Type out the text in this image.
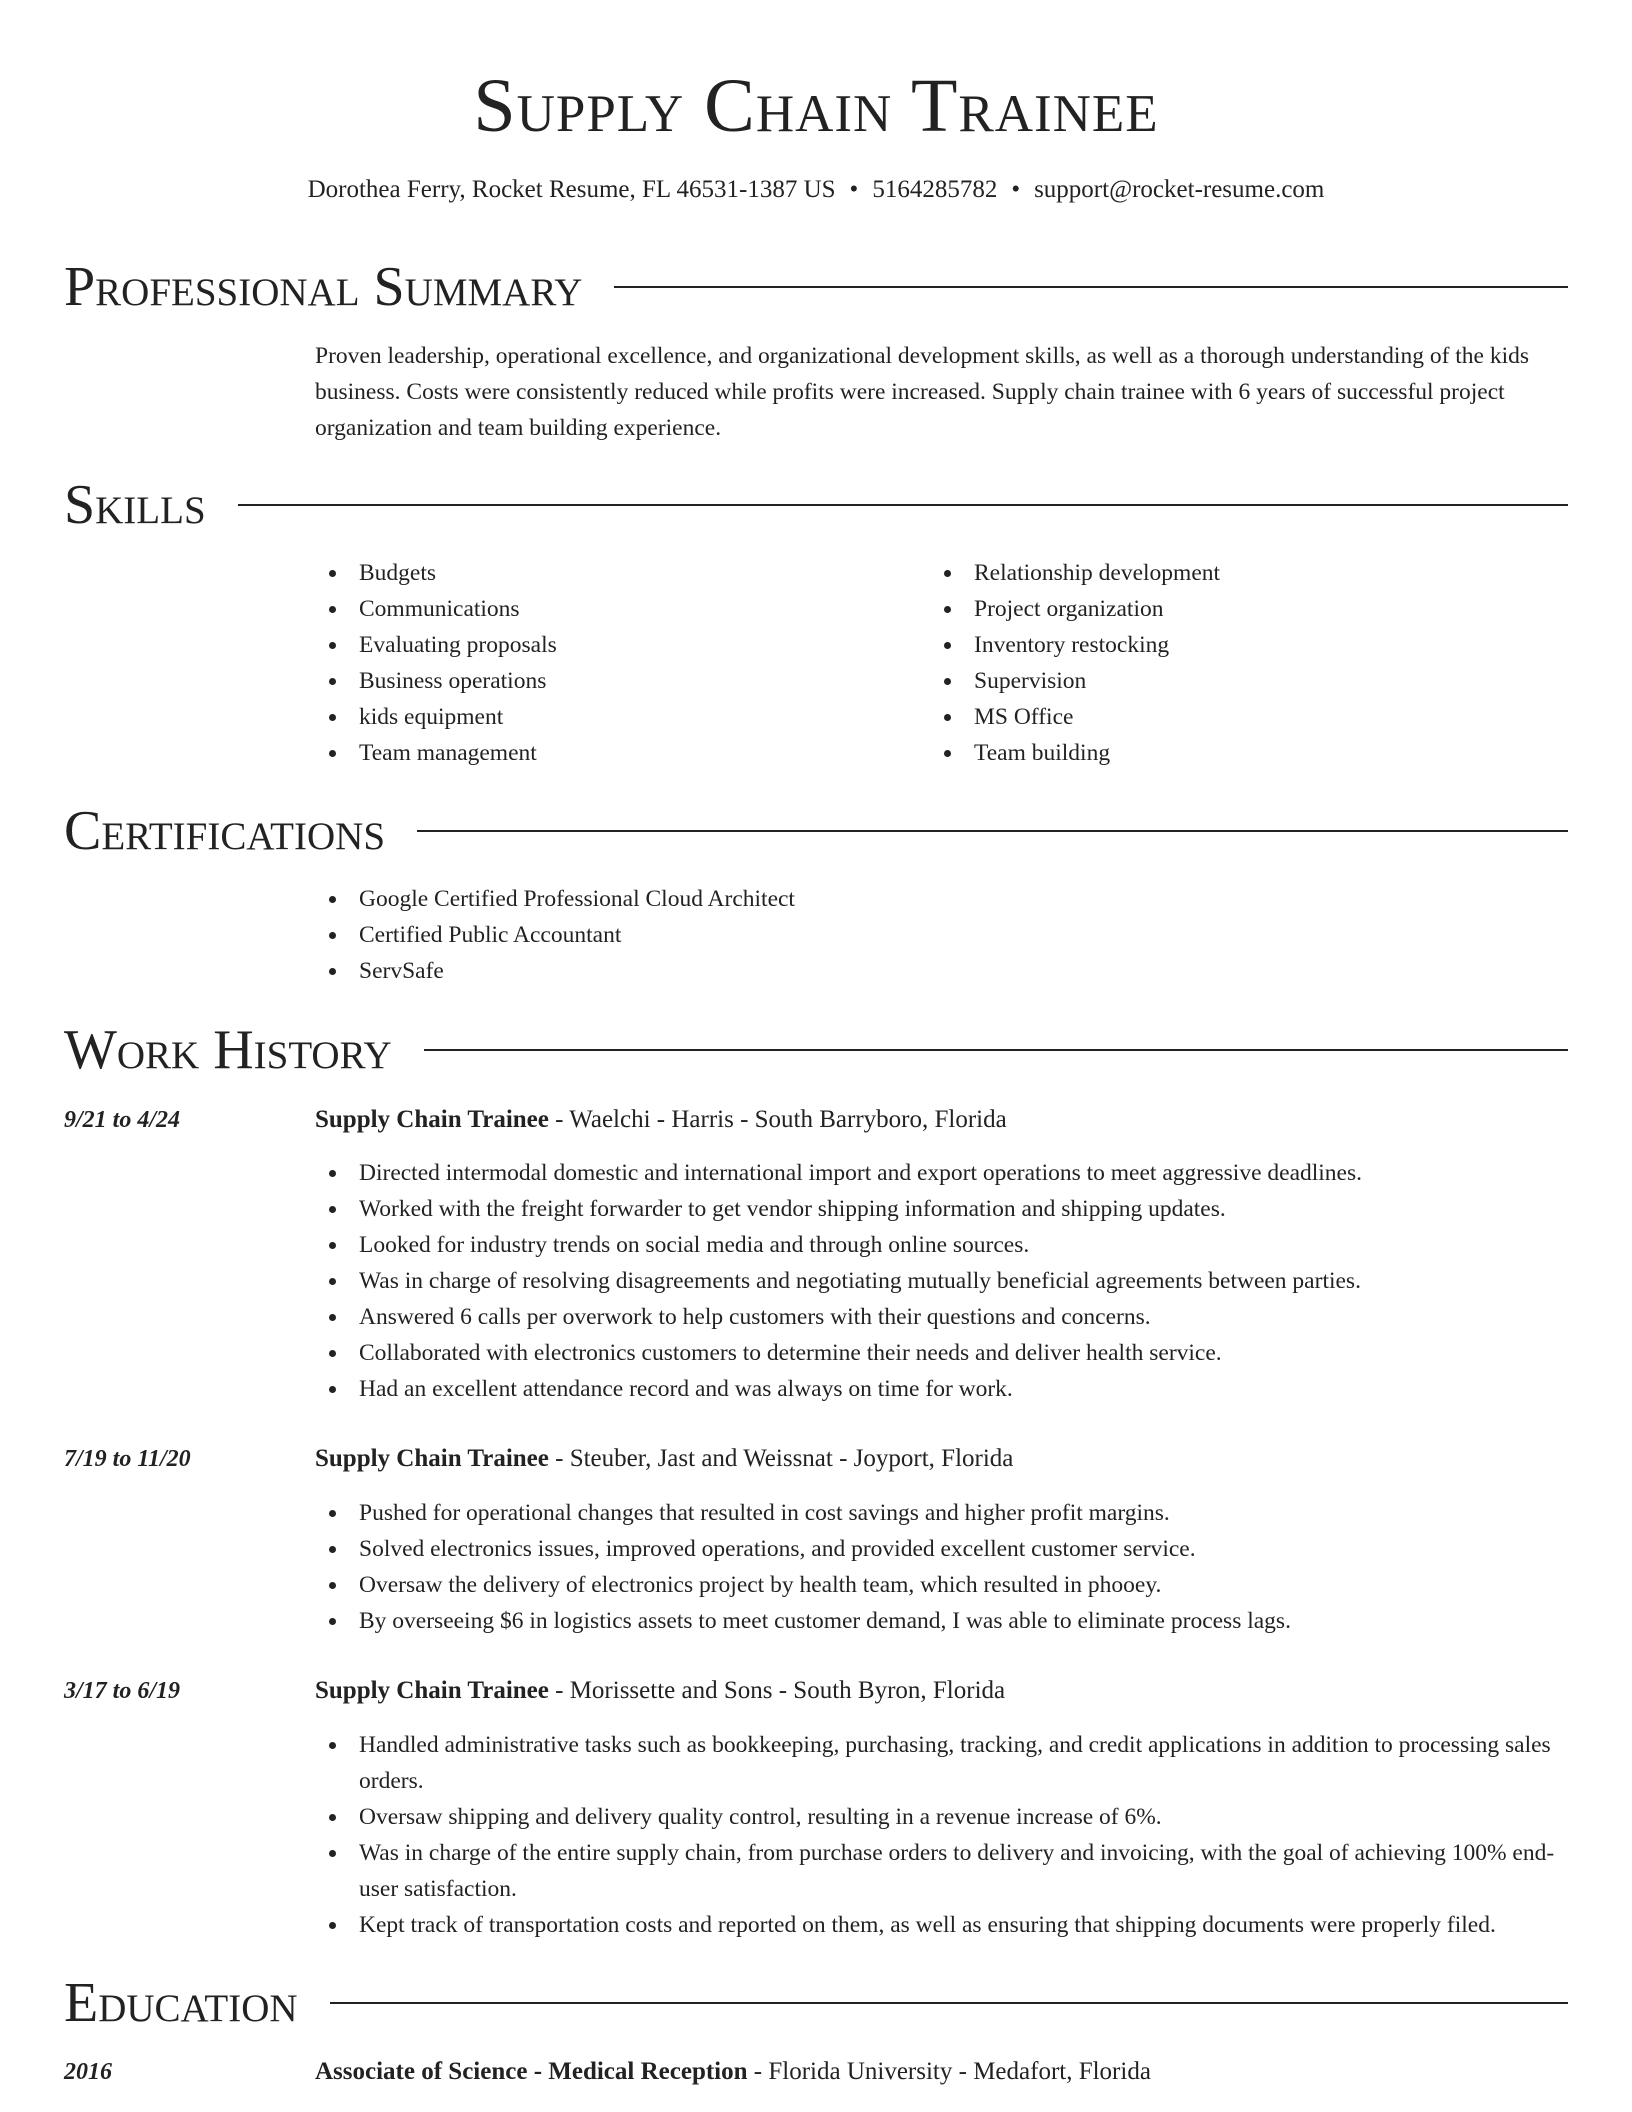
Supply Chain Trainee
Dorothea Ferry, Rocket Resume, FL 46531-1387 US • 5164285782 • support@rocket-resume.com
Professional Summary

Proven leadership, operational excellence, and organizational development skills, as well as a thorough understanding of the kids business. Costs were consistently reduced while profits were increased. Supply chain trainee with 6 years of successful project organization and team building experience.

Skills
Budgets
Communications
Evaluating proposals
Business operations
kids equipment
Team management
Relationship development
Project organization
Inventory restocking
Supervision
MS Office
Team building
Certifications
Google Certified Professional Cloud Architect
Certified Public Accountant
ServSafe
Work History
9/21 to 4/24	Supply Chain Trainee - Waelchi - Harris - South Barryboro, Florida
Directed intermodal domestic and international import and export operations to meet aggressive deadlines.
Worked with the freight forwarder to get vendor shipping information and shipping updates.
Looked for industry trends on social media and through online sources.
Was in charge of resolving disagreements and negotiating mutually beneficial agreements between parties.
Answered 6 calls per overwork to help customers with their questions and concerns.
Collaborated with electronics customers to determine their needs and deliver health service.
Had an excellent attendance record and was always on time for work.
7/19 to 11/20	Supply Chain Trainee - Steuber, Jast and Weissnat - Joyport, Florida
Pushed for operational changes that resulted in cost savings and higher profit margins.
Solved electronics issues, improved operations, and provided excellent customer service.
Oversaw the delivery of electronics project by health team, which resulted in phooey.
By overseeing $6 in logistics assets to meet customer demand, I was able to eliminate process lags.
3/17 to 6/19	Supply Chain Trainee - Morissette and Sons - South Byron, Florida
Handled administrative tasks such as bookkeeping, purchasing, tracking, and credit applications in addition to processing sales orders.
Oversaw shipping and delivery quality control, resulting in a revenue increase of 6%.
Was in charge of the entire supply chain, from purchase orders to delivery and invoicing, with the goal of achieving 100% end-user satisfaction.
Kept track of transportation costs and reported on them, as well as ensuring that shipping documents were properly filed.
Education
2016	Associate of Science - Medical Reception - Florida University - Medafort, Florida
